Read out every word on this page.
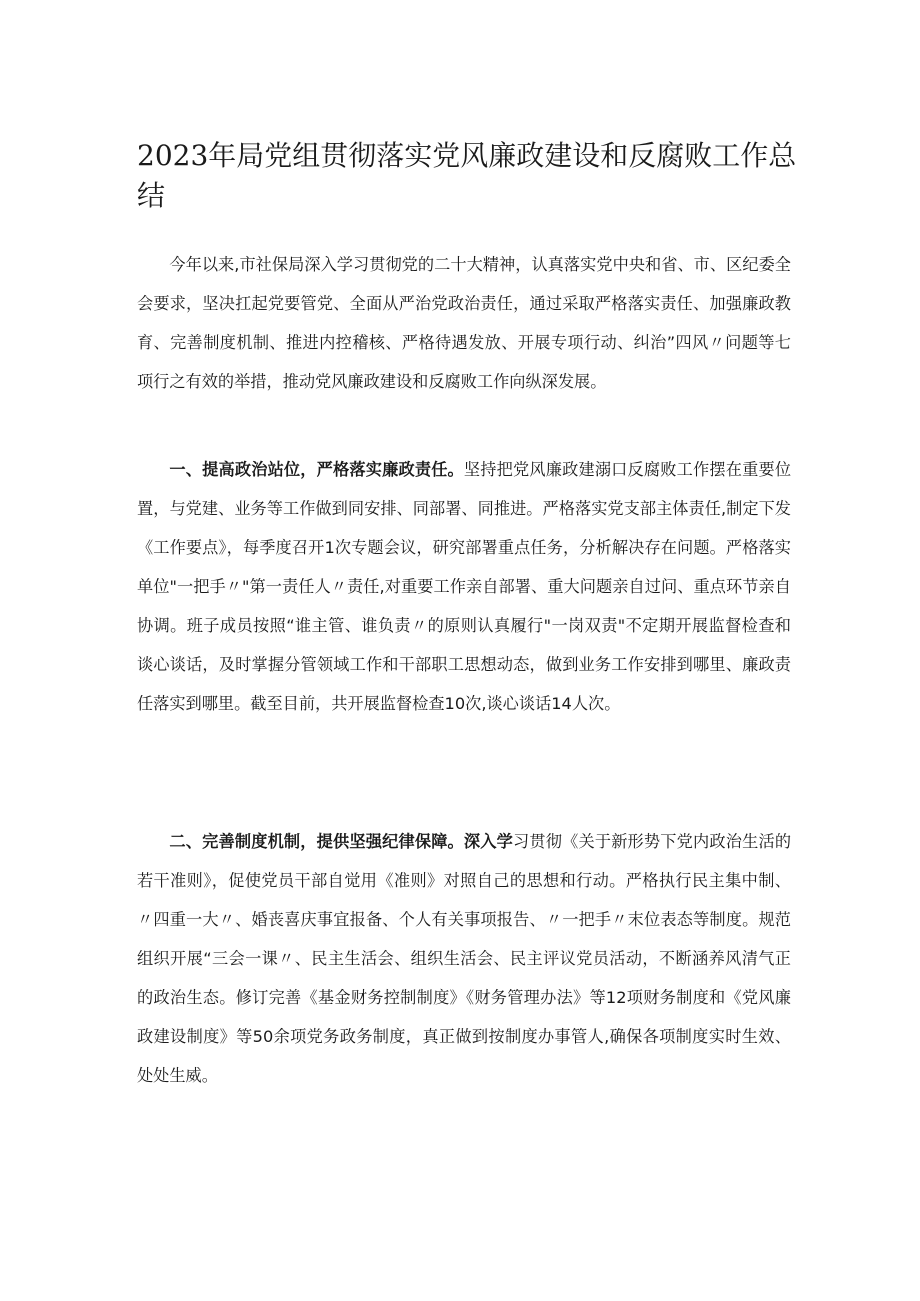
2023年局党组贯彻落实党风廉政建设和反腐败工作总结

今年以来,市社保局深入学习贯彻党的二十大精神，认真落实党中央和省、市、区纪委全会要求，坚决扛起党要管党、全面从严治党政治责任，通过采取严格落实责任、加强廉政教育、完善制度机制、推进内控稽核、严格待遇发放、开展专项行动、纠治”四风〃问题等七项行之有效的举措，推动党风廉政建设和反腐败工作向纵深发展。

一、提高政治站位，严格落实廉政责任。坚持把党风廉政建溺口反腐败工作摆在重要位置，与党建、业务等工作做到同安排、同部署、同推进。严格落实党支部主体责任,制定下发《工作要点》，每季度召开1次专题会议，研究部署重点任务，分析解决存在问题。严格落实单位"一把手〃"第一责任人〃责任,对重要工作亲自部署、重大问题亲自过问、重点环节亲自协调。班子成员按照“谁主管、谁负责〃的原则认真履行"一岗双责"不定期开展监督检查和谈心谈话，及时掌握分管领域工作和干部职工思想动态，做到业务工作安排到哪里、廉政责任落实到哪里。截至目前，共开展监督检查10次,谈心谈话14人次。

二、完善制度机制，提供坚强纪律保障。深入学习贯彻《关于新形势下党内政治生活的若干准则》，促使党员干部自觉用《准则》对照自己的思想和行动。严格执行民主集中制、〃四重一大〃、婚丧喜庆事宜报备、个人有关事项报告、〃一把手〃末位表态等制度。规范组织开展“三会一课〃、民主生活会、组织生活会、民主评议党员活动，不断涵养风清气正的政治生态。修订完善《基金财务控制制度》《财务管理办法》等12项财务制度和《党风廉政建设制度》等50余项党务政务制度，真正做到按制度办事管人,确保各项制度实时生效、处处生威。
